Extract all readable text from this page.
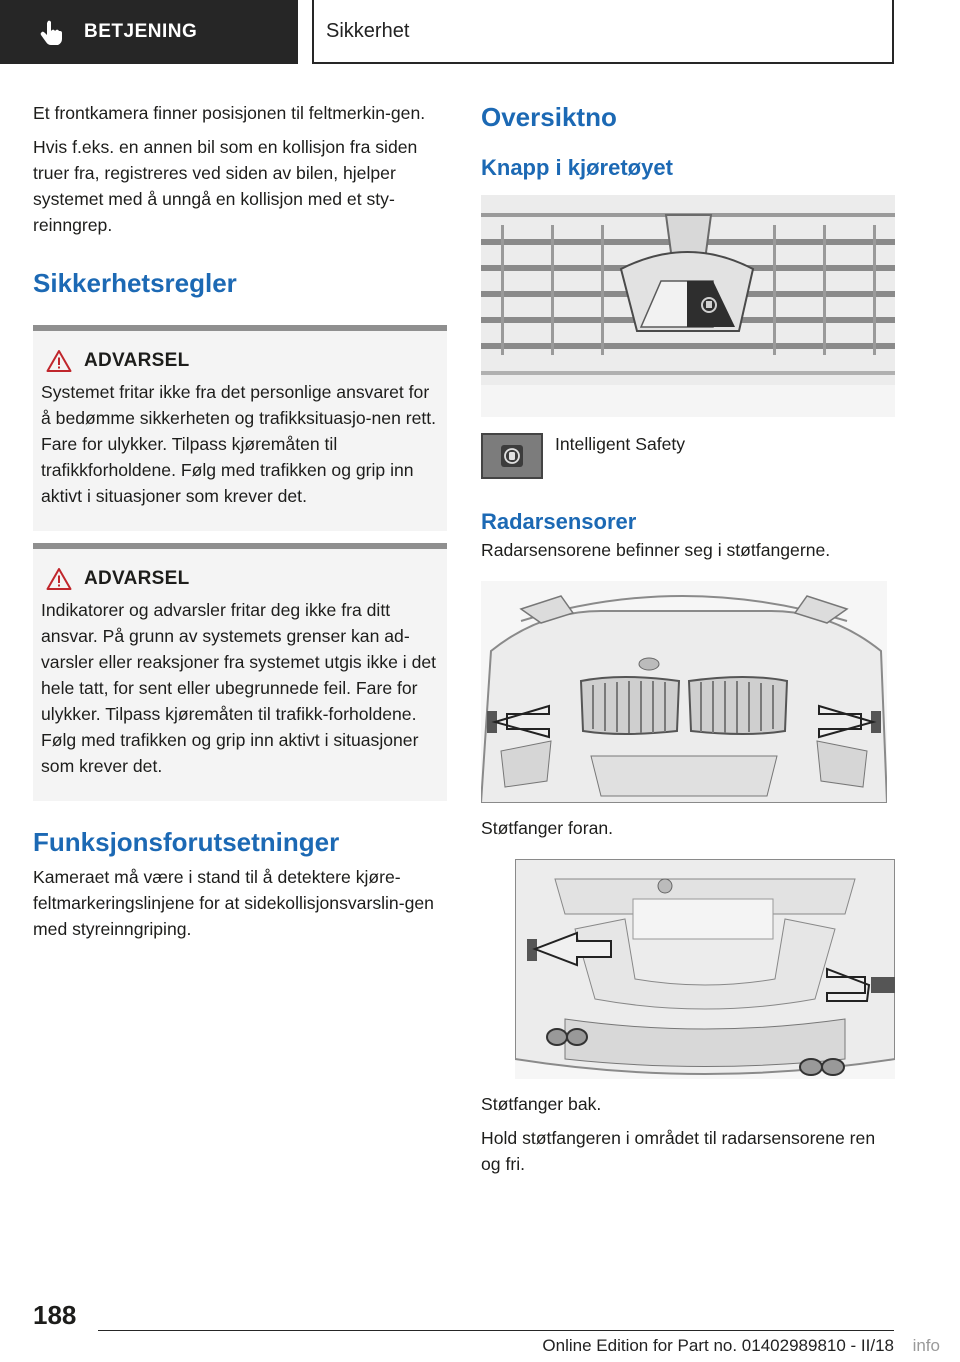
BETJENING	Sikkerhet

Et frontkamera finner posisjonen til feltmerkin-gen.

Hvis f.eks. en annen bil som en kollisjon fra siden truer fra, registreres ved siden av bilen, hjelper systemet med å unngå en kollisjon med et sty-reinngrep.

Sikkerhetsregler
ADVARSEL

Systemet fritar ikke fra det personlige ansvaret for å bedømme sikkerheten og trafikksituasjo-nen rett. Fare for ulykker. Tilpass kjøremåten til trafikkforholdene. Følg med trafikken og grip inn aktivt i situasjoner som krever det.

ADVARSEL

Indikatorer og advarsler fritar deg ikke fra ditt ansvar. På grunn av systemets grenser kan ad-varsler eller reaksjoner fra systemet utgis ikke i det hele tatt, for sent eller ubegrunnede feil. Fare for ulykker. Tilpass kjøremåten til trafikk-forholdene. Følg med trafikken og grip inn aktivt i situasjoner som krever det.

Funksjonsforutsetninger

Kameraet må være i stand til å detektere kjøre-feltmarkeringslinjene for at sidekollisjonsvarslin-gen med styreinngriping.

Oversiktno
Knapp i kjøretøyet
Intelligent Safety
Radarsensorer

Radarsensorene befinner seg i støtfangerne.

Støtfanger foran.

Støtfanger bak.

Hold støtfangeren i området til radarsensorene ren og fri.

188
Online Edition for Part no. 01402989810 - II/18 info
